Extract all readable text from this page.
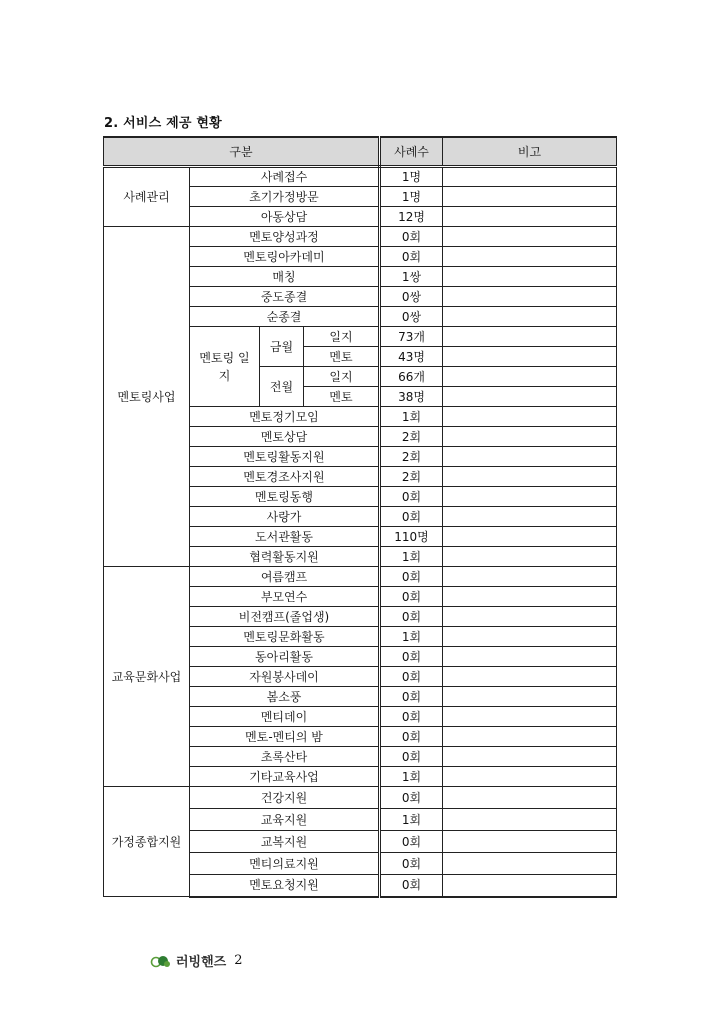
2. 서비스 제공 현황
구분				사례수	비고
사례관리	사례접수			1명	
	초기가정방문			1명	
	아동상담			12명	
멘토링사업	멘토양성과정			0회	
	멘토링아카데미			0회	
	매칭			1쌍	
	중도종결			0쌍	
	순종결			0쌍	
	멘토링 일지	금월	일지	73개	
			멘토	43명	
		전월	일지	66개	
			멘토	38명	
	멘토정기모임			1회	
	멘토상담			2회	
	멘토링활동지원			2회	
	멘토경조사지원			2회	
	멘토링동행			0회	
	사랑가			0회	
	도서관활동			110명	
	협력활동지원			1회	
교육문화사업	여름캠프			0회	
	부모연수			0회	
	비전캠프(졸업생)			0회	
	멘토링문화활동			1회	
	동아리활동			0회	
	자원봉사데이			0회	
	봄소풍			0회	
	멘티데이			0회	
	멘토-멘티의 밤			0회	
	초록산타			0회	
	기타교육사업			1회	
가정종합지원	건강지원			0회	
	교육지원			1회	
	교복지원			0회	
	멘티의료지원			0회	
	멘토요청지원			0회	
러빙핸즈 2
